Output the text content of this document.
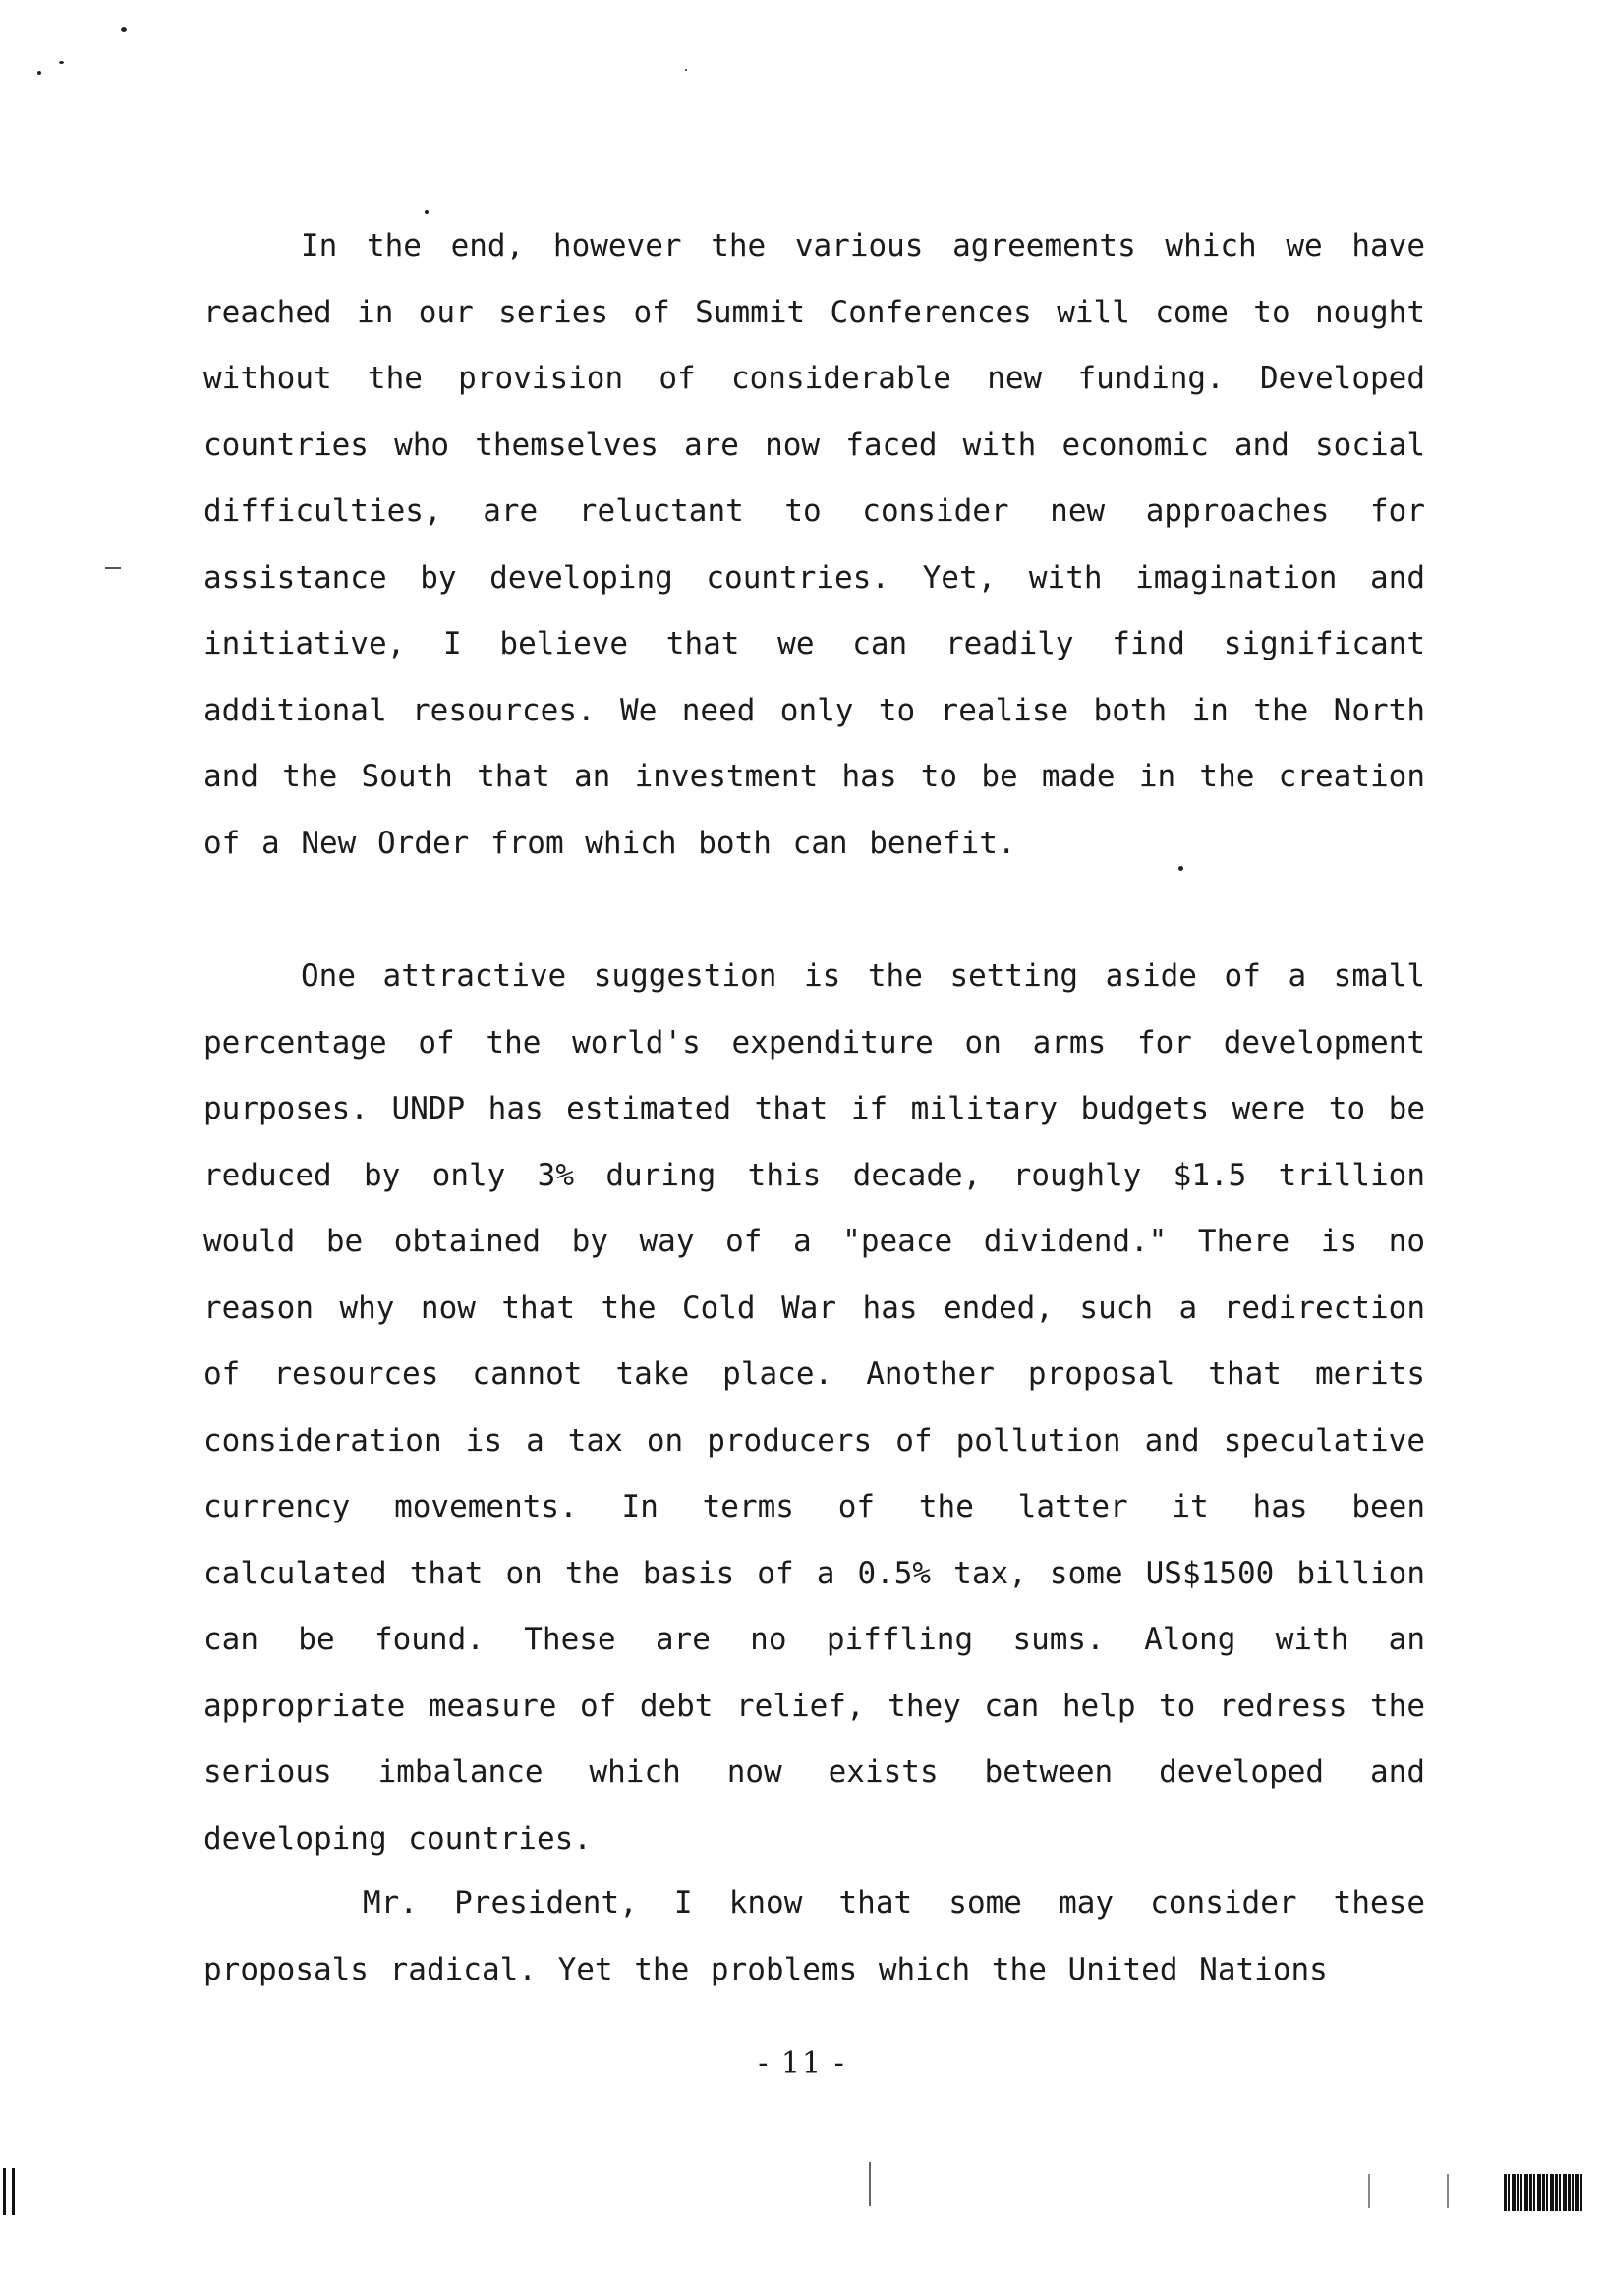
In the end, however the various agreements which we have reached in our series of Summit Conferences will come to nought without the provision of considerable new funding. Developed countries who themselves are now faced with economic and social difficulties, are reluctant to consider new approaches for assistance by developing countries. Yet, with imagination and initiative, I believe that we can readily find significant additional resources. We need only to realise both in the North and the South that an investment has to be made in the creation of a New Order from which both can benefit.

One attractive suggestion is the setting aside of a small percentage of the world's expenditure on arms for development purposes. UNDP has estimated that if military budgets were to be reduced by only 3% during this decade, roughly $1.5 trillion would be obtained by way of a "peace dividend." There is no reason why now that the Cold War has ended, such a redirection of resources cannot take place. Another proposal that merits consideration is a tax on producers of pollution and speculative currency movements. In terms of the latter it has been calculated that on the basis of a 0.5% tax, some US$1500 billion can be found. These are no piffling sums. Along with an appropriate measure of debt relief, they can help to redress the serious imbalance which now exists between developed and developing countries.

Mr. President, I know that some may consider these proposals radical. Yet the problems which the United Nations

- 11 -
